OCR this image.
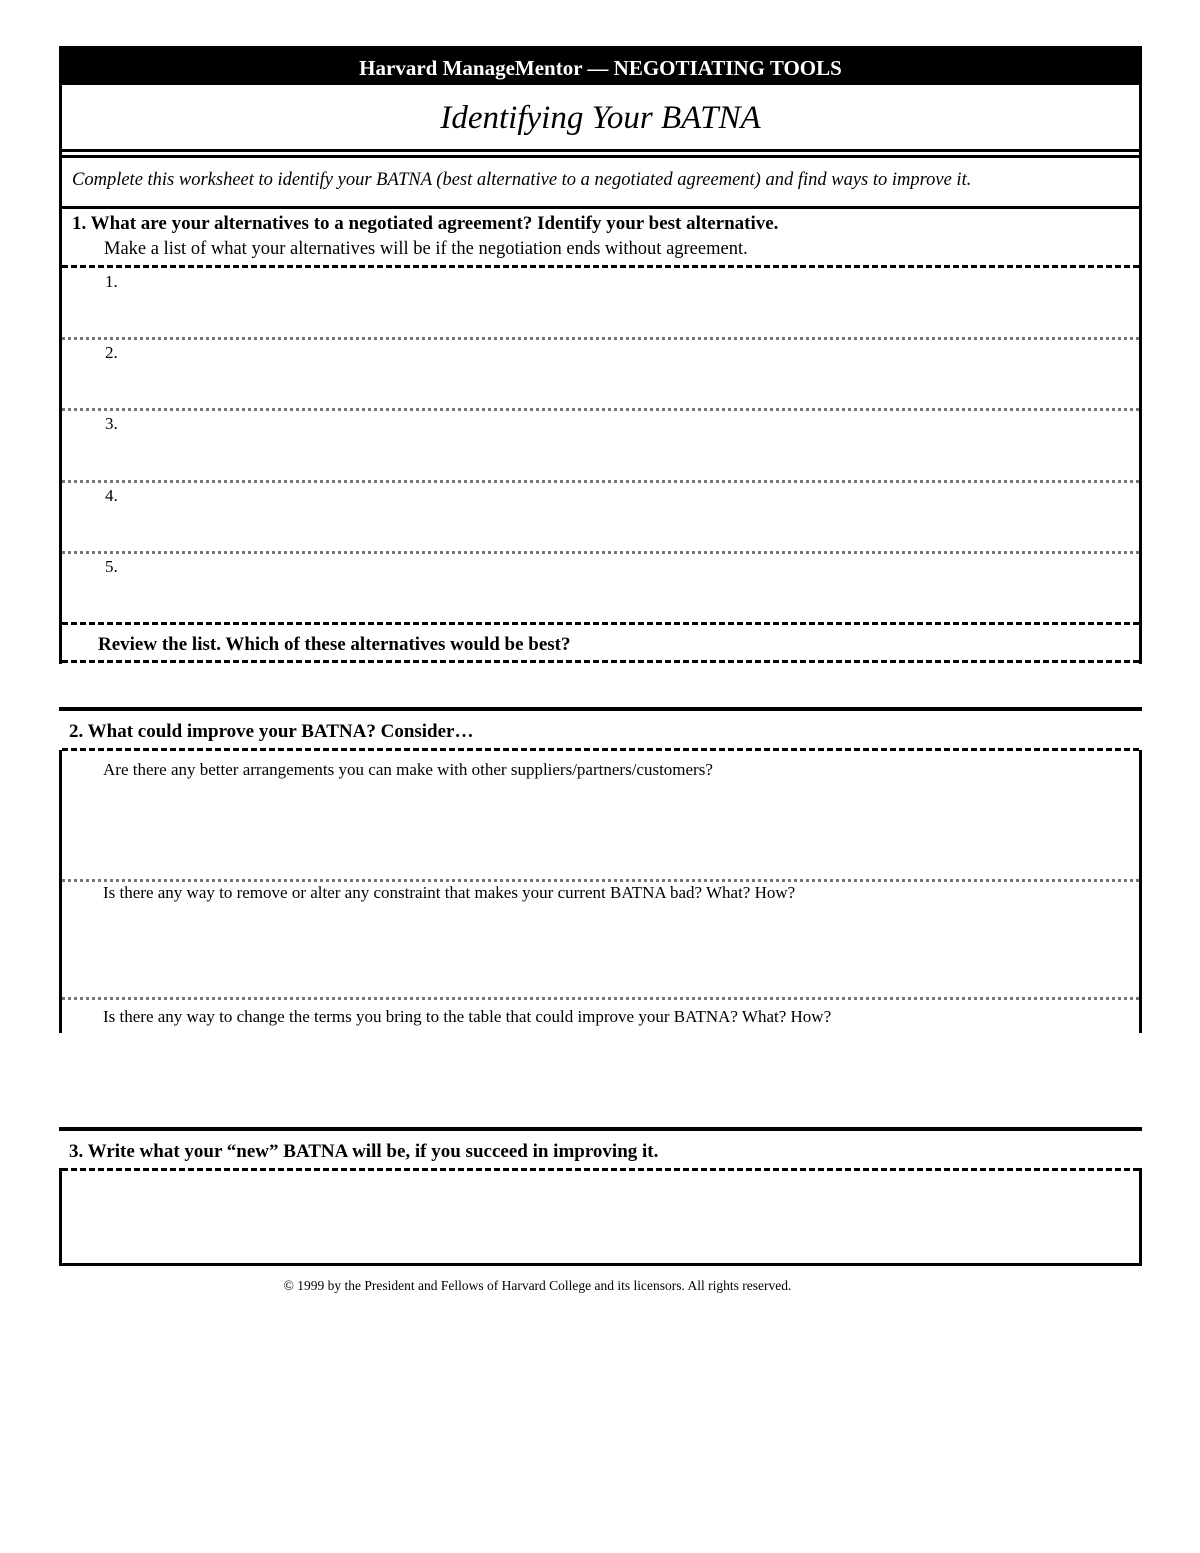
Harvard ManageMentor — NEGOTIATING TOOLS
Identifying Your BATNA
Complete this worksheet to identify your BATNA (best alternative to a negotiated agreement) and find ways to improve it.
1. What are your alternatives to a negotiated agreement? Identify your best alternative.
Make a list of what your alternatives will be if the negotiation ends without agreement.
1.
2.
3.
4.
5.
Review the list. Which of these alternatives would be best?
2. What could improve your BATNA? Consider…
Are there any better arrangements you can make with other suppliers/partners/customers?
Is there any way to remove or alter any constraint that makes your current BATNA bad? What? How?
Is there any way to change the terms you bring to the table that could improve your BATNA? What? How?
3. Write what your “new” BATNA will be, if you succeed in improving it.
© 1999 by the President and Fellows of Harvard College and its licensors. All rights reserved.
